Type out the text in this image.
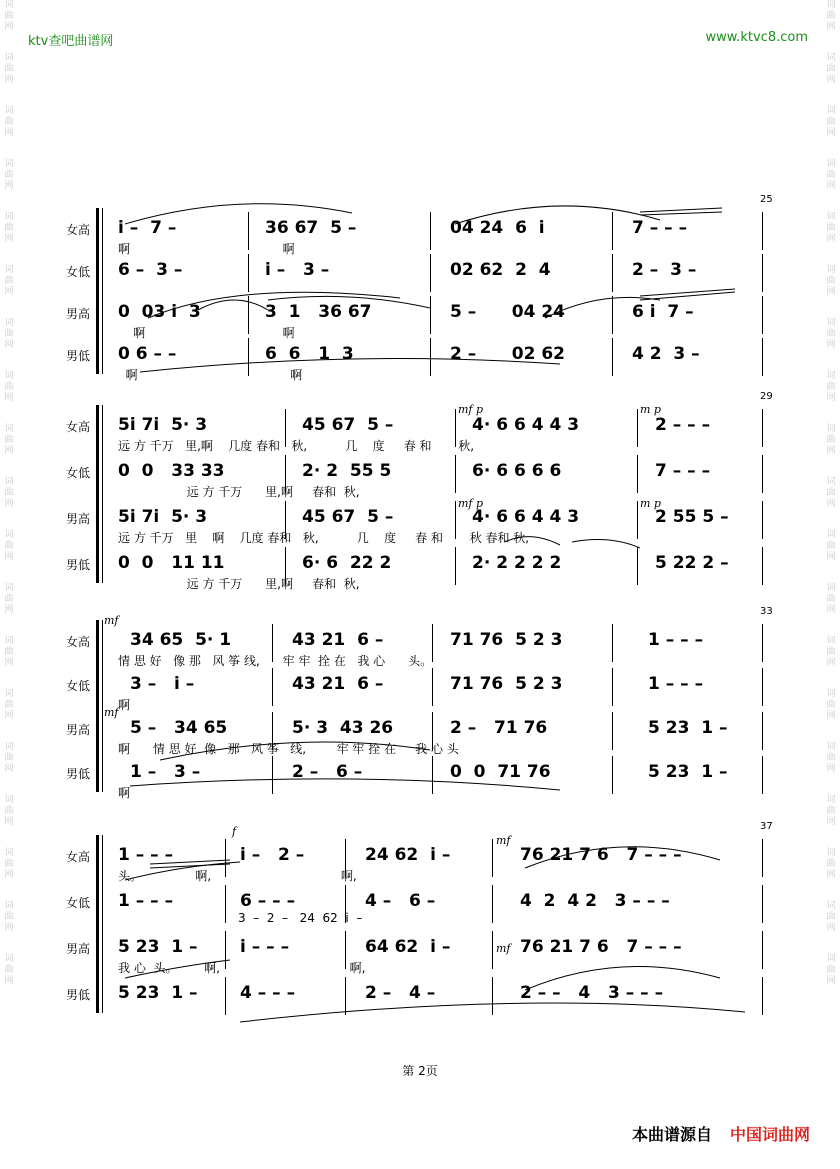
词
曲
网
词
曲
网
词
曲
网
词
曲
网
词
曲
网
词
曲
网
词
曲
网
词
曲
网
词
曲
网
词
曲
网
词
曲
网
词
曲
网
词
曲
网
词
曲
网
词
曲
网
词
曲
网
词
曲
网
词
曲
网
词
曲
网
词
曲
网
词
曲
网
词
曲
网
词
曲
网
词
曲
网
词
曲
网
词
曲
网
词
曲
网
词
曲
网
词
曲
网
词
曲
网
词
曲
网
词
曲
网
词
曲
网
词
曲
网
词
曲
网
词
曲
网
词
曲
网
词
曲
网
ktv查吧曲谱网	www.ktvc8.com
25
女高	i̇ –  7 –	36 67  5 –	04 24  6  i̇	7 – – –
啊                                        啊
女低	6 –  3 –	i̇ –   3 –	02 62  2  4	2 –  3 –
男高	0  03 i̇  3	3  1   36 67	5 –      04 24	6 i̇  7 –
啊                                    啊
男低	0 6 – –	6  6   1  3	2 –      02 62	4 2  3 –
啊                                        啊
29
女高	5i̇ 7i̇  5· 3	45 67  5 –	4· 6 6 4 4 3	2 – – –
远 方 千万   里,啊    几度 春和   秋,          几    度     春 和       秋,
女低	0  0   33 33	2· 2  55 5	6· 6 6 6 6	7 – – –
远 方 千万      里,啊     春和  秋,
男高	5i̇ 7i̇  5· 3	45 67  5 –	4· 6 6 4 4 3	2 55 5 –
远 方 千万   里    啊    几度 春和   秋,          几    度     春 和       秋 春和 秋,
男低	0  0   11 11	6· 6  22 2	2· 2 2 2 2	5 22 2 –
远 方 千万      里,啊     春和  秋,
mf p	m p
mf p	m p
33
女高	34 65  5· 1	43 21  6 –	71 76  5 2 3	1 – – –
情 思 好   像 那   风 筝 线,      牢 牢  拴 在   我 心      头。
女低	3 –   i̇ –	43 21  6 –	71 76  5 2 3	1 – – –
啊
男高	5 –   34 65	5· 3  43 26	2 –   71 76	5 23  1 –
啊      情 思 好  像   那   风 筝   线,        牢 牢 拴 在     我 心 头
男低	1 –   3 –	2 –   6 –	0  0  71 76	5 23  1 –
啊
mf
mf
37
女高	1 – – –	i̇ –   2 –	24 62  i̇ –	76 21 7 6   7 – – –
头。              啊,                                  啊,
女低	1 – – –	6 – – –	4 –   6 –	4  2  4 2   3 – – –
男高	5 23  1 –	i̇ – – –	64 62  i̇ –	76 21 7 6   7 – – –
我 心  头。       啊,                                  啊,
男低	5 23  1 –	4 – – –	2 –   4 –	2 – –   4   3 – – –
f
mf
mf
3  –  2  –   24  62  i̇  –
第 2页
本曲谱源自 中国词曲网
